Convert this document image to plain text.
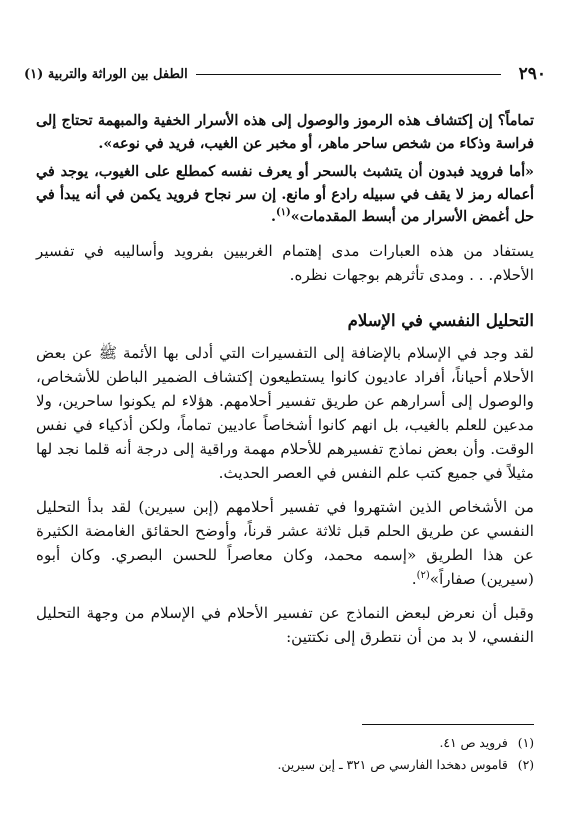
٢٩٠
الطفل بين الوراثة والتربية (١)

تماماً؟ إن إكتشاف هذه الرموز والوصول إلى هذه الأسرار الخفية والمبهمة تحتاج إلى فراسة وذكاء من شخص ساحر ماهر، أو مخبر عن الغيب، فريد في نوعه».

«أما فرويد فبدون أن يتشبث بالسحر أو يعرف نفسه كمطلع على الغيوب، يوجد في أعماله رمز لا يقف في سبيله رادع أو مانع. إن سر نجاح فرويد يكمن في أنه يبدأ في حل أغمض الأسرار من أبسط المقدمات»$^{(١)}$.

يستفاد من هذه العبارات مدى إهتمام الغربيين بفرويد وأساليبه في تفسير الأحلام. . . ومدى تأثرهم بوجهات نظره.

التحليل النفسي في الإسلام

لقد وجد في الإسلام بالإضافة إلى التفسيرات التي أدلى بها الأئمة ﷺ عن بعض الأحلام أحياناً، أفراد عاديون كانوا يستطيعون إكتشاف الضمير الباطن للأشخاص، والوصول إلى أسرارهم عن طريق تفسير أحلامهم. هؤلاء لم يكونوا ساحرين، ولا مدعين للعلم بالغيب، بل انهم كانوا أشخاصاً عاديين تماماً، ولكن أذكياء في نفس الوقت. وأن بعض نماذج تفسيرهم للأحلام مهمة وراقية إلى درجة أنه قلما نجد لها مثيلاً في جميع كتب علم النفس في العصر الحديث.

من الأشخاص الذين اشتهروا في تفسير أحلامهم (إبن سيرين) لقد بدأ التحليل النفسي عن طريق الحلم قبل ثلاثة عشر قرناً، وأوضح الحقائق الغامضة الكثيرة عن هذا الطريق «إسمه محمد، وكان معاصراً للحسن البصري. وكان أبوه (سيرين) صفاراً»$^{(٢)}$.

وقبل أن نعرض لبعض النماذج عن تفسير الأحلام في الإسلام من وجهة التحليل النفسي، لا بد من أن نتطرق إلى نكتتين:

(١)فرويد ص ٤١.
(٢)قاموس دهخدا الفارسي ص ٣٢١ ـ إبن سيرين.
